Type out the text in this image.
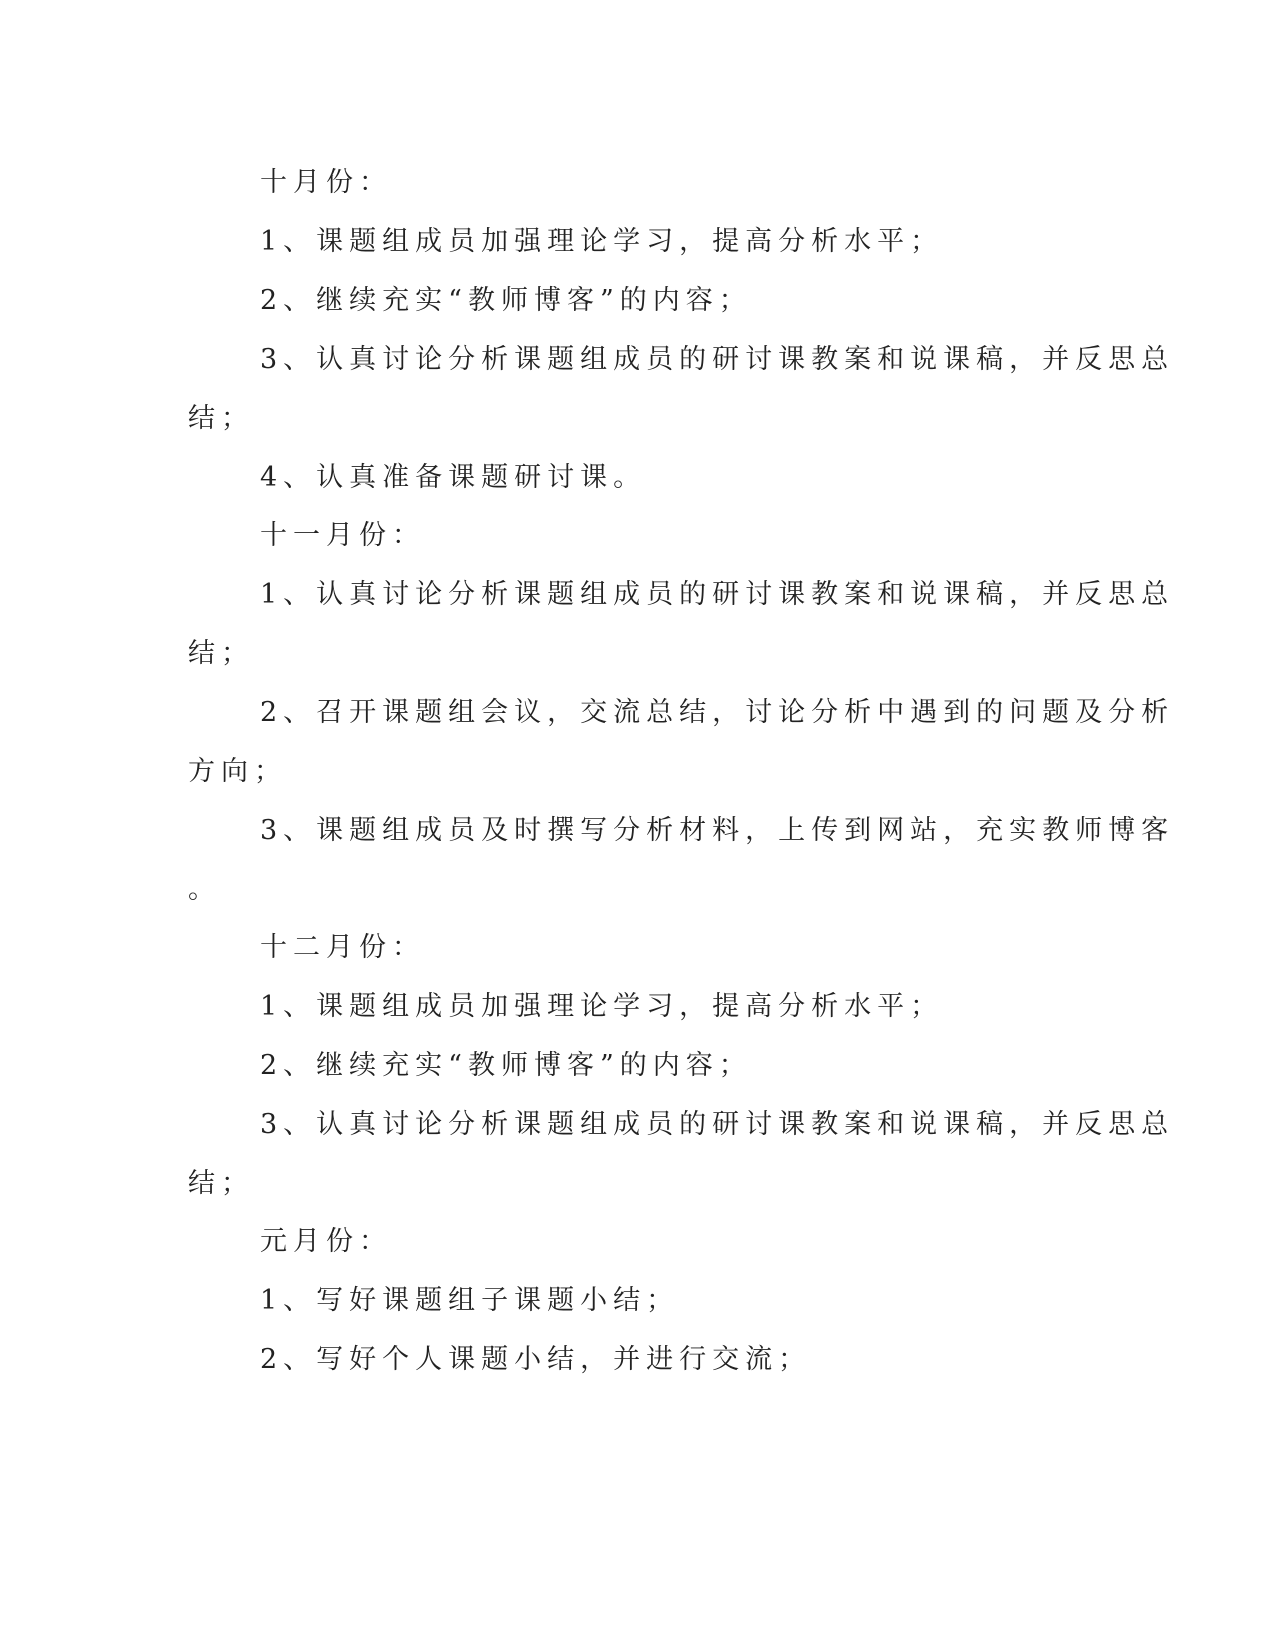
十月份：
1、课题组成员加强理论学习，提高分析水平；
2、继续充实“教师博客”的内容；
3、认真讨论分析课题组成员的研讨课教案和说课稿，并反思总
结；
4、认真准备课题研讨课。
十一月份：
1、认真讨论分析课题组成员的研讨课教案和说课稿，并反思总
结；
2、召开课题组会议，交流总结，讨论分析中遇到的问题及分析
方向；
3、课题组成员及时撰写分析材料，上传到网站，充实教师博客
。
十二月份：
1、课题组成员加强理论学习，提高分析水平；
2、继续充实“教师博客”的内容；
3、认真讨论分析课题组成员的研讨课教案和说课稿，并反思总
结；
元月份：
1、写好课题组子课题小结；
2、写好个人课题小结，并进行交流；
